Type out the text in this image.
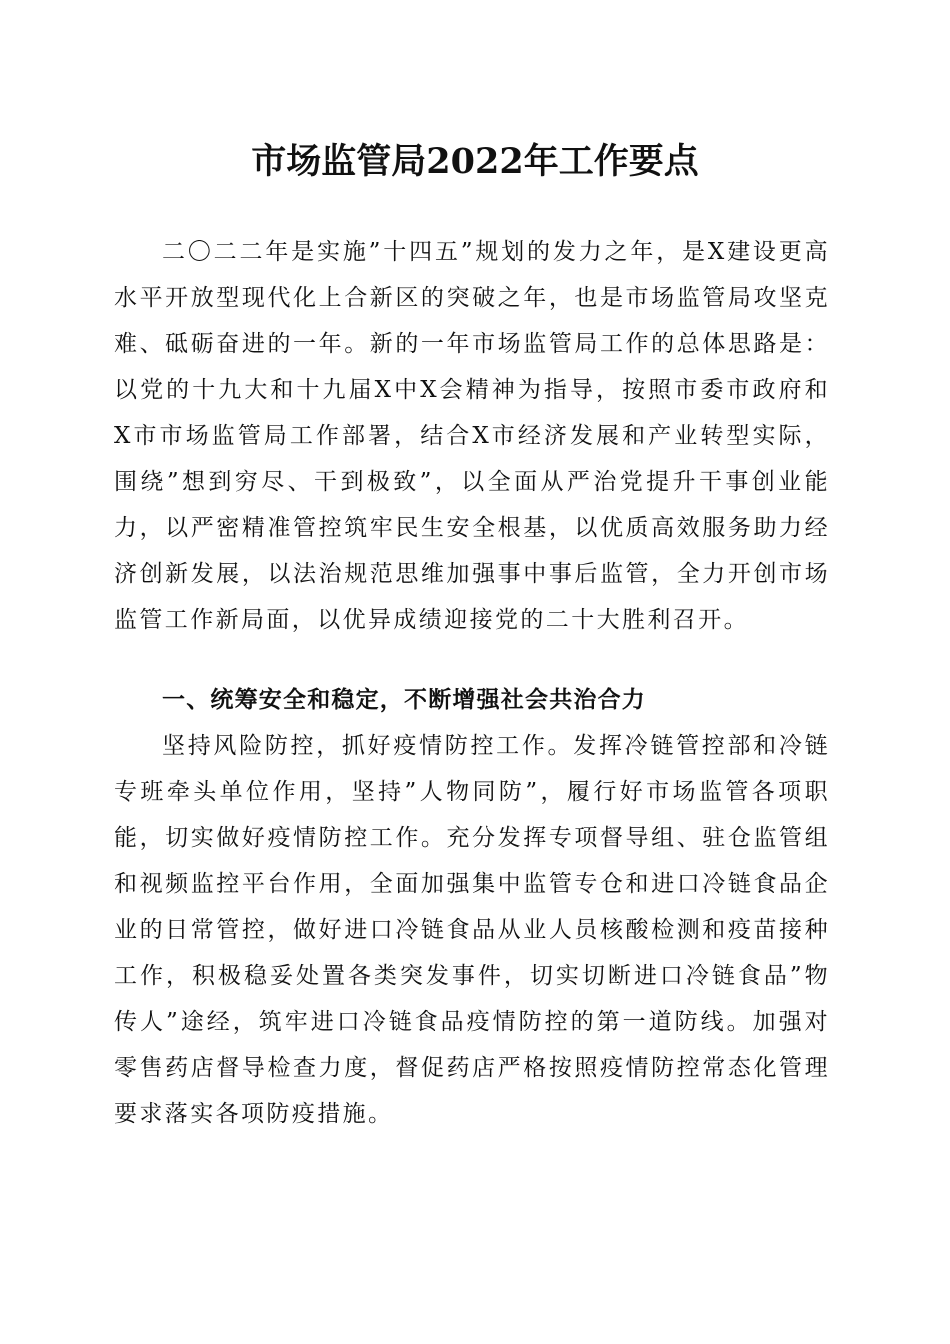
市场监管局2022年工作要点

二〇二二年是实施”十四五”规划的发力之年，是X建设更高水平开放型现代化上合新区的突破之年，也是市场监管局攻坚克难、砥砺奋进的一年。新的一年市场监管局工作的总体思路是：以党的十九大和十九届X中X会精神为指导，按照市委市政府和X市市场监管局工作部署，结合X市经济发展和产业转型实际，围绕”想到穷尽、干到极致”，以全面从严治党提升干事创业能力，以严密精准管控筑牢民生安全根基，以优质高效服务助力经济创新发展，以法治规范思维加强事中事后监管，全力开创市场监管工作新局面，以优异成绩迎接党的二十大胜利召开。

一、统筹安全和稳定，不断增强社会共治合力

坚持风险防控，抓好疫情防控工作。发挥冷链管控部和冷链专班牵头单位作用，坚持”人物同防”，履行好市场监管各项职能，切实做好疫情防控工作。充分发挥专项督导组、驻仓监管组和视频监控平台作用，全面加强集中监管专仓和进口冷链食品企业的日常管控，做好进口冷链食品从业人员核酸检测和疫苗接种工作，积极稳妥处置各类突发事件，切实切断进口冷链食品”物传人”途经，筑牢进口冷链食品疫情防控的第一道防线。加强对零售药店督导检查力度，督促药店严格按照疫情防控常态化管理要求落实各项防疫措施。
